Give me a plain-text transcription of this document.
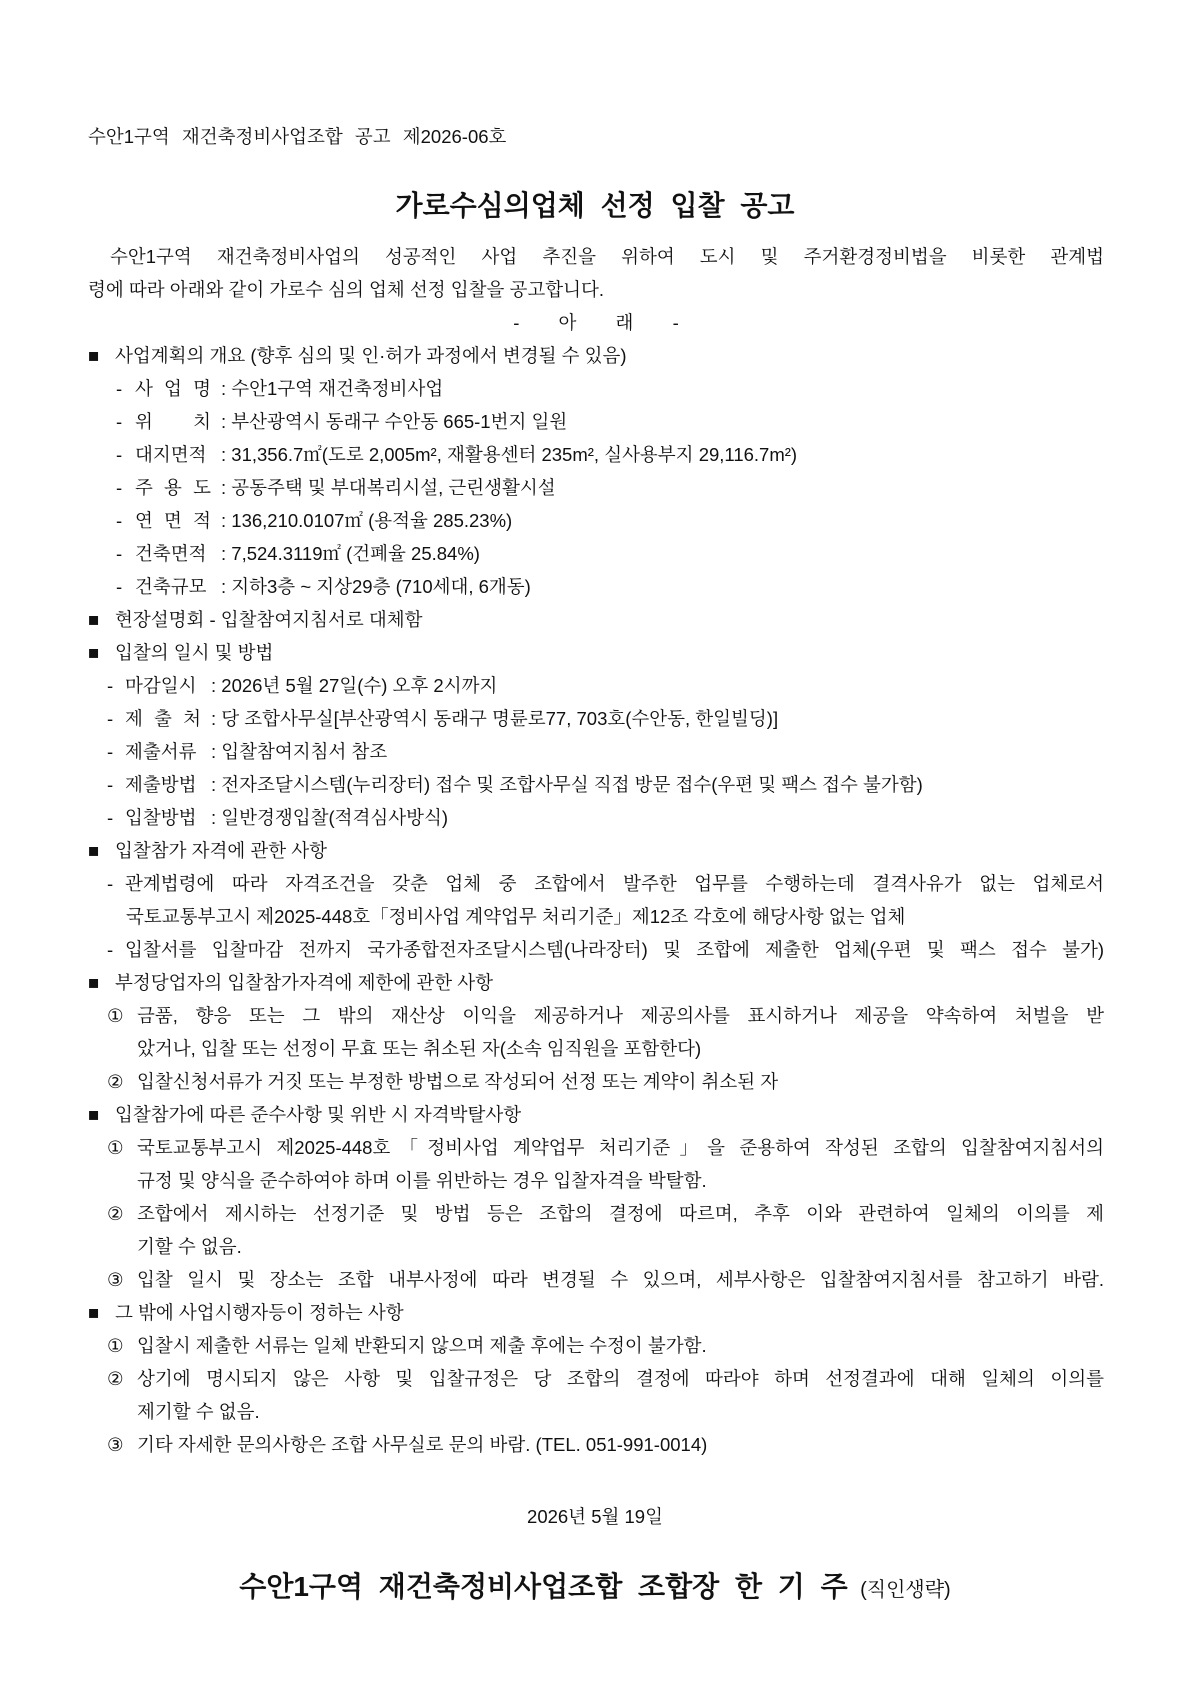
수안1구역 재건축정비사업조합 공고 제2026-06호
가로수심의업체 선정 입찰 공고
수안1구역 재건축정비사업의 성공적인 사업 추진을 위하여 도시 및 주거환경정비법을 비롯한 관계법
령에 따라 아래와 같이 가로수 심의 업체 선정 입찰을 공고합니다.
- 아 래 -
■ 사업계획의 개요 (향후 심의 및 인·허가 과정에서 변경될 수 있음)
- 사 업 명 : 수안1구역 재건축정비사업
- 위 치 : 부산광역시 동래구 수안동 665-1번지 일원
- 대지면적 : 31,356.7㎡(도로 2,005m², 재활용센터 235m², 실사용부지 29,116.7m²)
- 주 용 도 : 공동주택 및 부대복리시설, 근린생활시설
- 연 면 적 : 136,210.0107㎡ (용적율 285.23%)
- 건축면적 : 7,524.3119㎡ (건폐율 25.84%)
- 건축규모 : 지하3층 ~ 지상29층 (710세대, 6개동)
■ 현장설명회 - 입찰참여지침서로 대체함
■ 입찰의 일시 및 방법
- 마감일시 : 2026년 5월 27일(수) 오후 2시까지
- 제 출 처 : 당 조합사무실[부산광역시 동래구 명륜로77, 703호(수안동, 한일빌딩)]
- 제출서류 : 입찰참여지침서 참조
- 제출방법 : 전자조달시스템(누리장터) 접수 및 조합사무실 직접 방문 접수(우편 및 팩스 접수 불가함)
- 입찰방법 : 일반경쟁입찰(적격심사방식)
■ 입찰참가 자격에 관한 사항
- 관계법령에 따라 자격조건을 갖춘 업체 중 조합에서 발주한 업무를 수행하는데 결격사유가 없는 업체로서
국토교통부고시 제2025-448호「정비사업 계약업무 처리기준」제12조 각호에 해당사항 없는 업체
- 입찰서를 입찰마감 전까지 국가종합전자조달시스템(나라장터) 및 조합에 제출한 업체(우편 및 팩스 접수 불가)
■ 부정당업자의 입찰참가자격에 제한에 관한 사항
① 금품, 향응 또는 그 밖의 재산상 이익을 제공하거나 제공의사를 표시하거나 제공을 약속하여 처벌을 받
았거나, 입찰 또는 선정이 무효 또는 취소된 자(소속 임직원을 포함한다)
② 입찰신청서류가 거짓 또는 부정한 방법으로 작성되어 선정 또는 계약이 취소된 자
■ 입찰참가에 따른 준수사항 및 위반 시 자격박탈사항
① 국토교통부고시 제2025-448호「정비사업 계약업무 처리기준」을 준용하여 작성된 조합의 입찰참여지침서의
규정 및 양식을 준수하여야 하며 이를 위반하는 경우 입찰자격을 박탈함.
② 조합에서 제시하는 선정기준 및 방법 등은 조합의 결정에 따르며, 추후 이와 관련하여 일체의 이의를 제
기할 수 없음.
③ 입찰 일시 및 장소는 조합 내부사정에 따라 변경될 수 있으며, 세부사항은 입찰참여지침서를 참고하기 바람.
■ 그 밖에 사업시행자등이 정하는 사항
① 입찰시 제출한 서류는 일체 반환되지 않으며 제출 후에는 수정이 불가함.
② 상기에 명시되지 않은 사항 및 입찰규정은 당 조합의 결정에 따라야 하며 선정결과에 대해 일체의 이의를
제기할 수 없음.
③ 기타 자세한 문의사항은 조합 사무실로 문의 바람. (TEL. 051-991-0014)
2026년 5월 19일
수안1구역 재건축정비사업조합 조합장 한 기 주 (직인생략)
